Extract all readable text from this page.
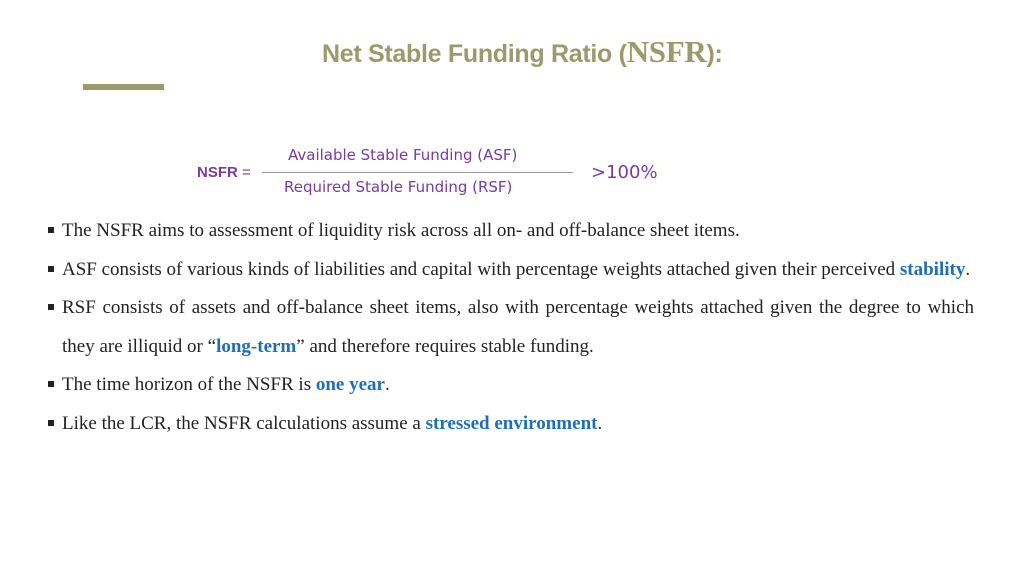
Net Stable Funding Ratio (NSFR):
NSFR =
Available Stable Funding (ASF)
Required Stable Funding (RSF)
>100%
The NSFR aims to assessment of liquidity risk across all on- and off-balance sheet items.
ASF consists of various kinds of liabilities and capital with percentage weights attached given their perceived stability.
RSF consists of assets and off-balance sheet items, also with percentage weights attached given the degree to which they are illiquid or “long-term” and therefore requires stable funding.
The time horizon of the NSFR is one year.
Like the LCR, the NSFR calculations assume a stressed environment.
